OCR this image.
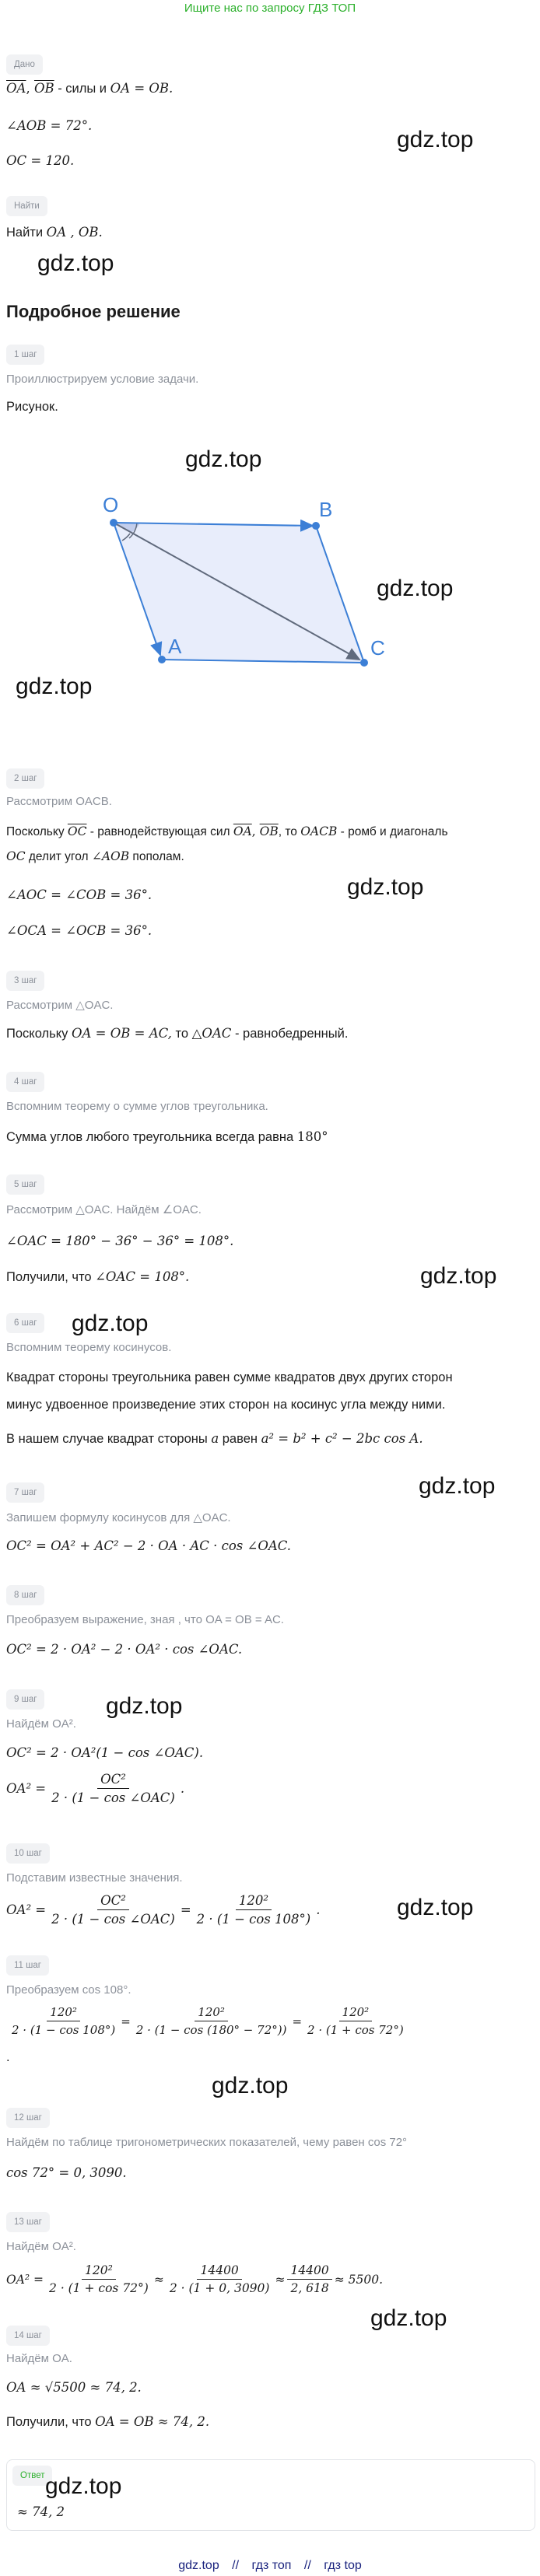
Ищите нас по запросу ГДЗ ТОП
Дано
$\overline{OA}$, $\overline{OB}$ - силы и OA = OB.
∠AOB = 72°.
OC = 120.
gdz.top
Найти
Найти OA , OB.
gdz.top
Подробное решение
1 шаг
Проиллюстрируем условие задачи.
Рисунок.
gdz.top
O	B
A	C
gdz.top
gdz.top
2 шаг
Рассмотрим OACB.
Поскольку $\overline{OC}$ - равнодействующая сил $\overline{OA}$, $\overline{OB}$, то OACB - ромб и диагональ
OC делит угол ∠AOB пополам.
gdz.top
∠AOC = ∠COB = 36°.
∠OCA = ∠OCB = 36°.
3 шаг
Рассмотрим △OAC.
Поскольку OA = OB = AC, то △OAC - равнобедренный.
4 шаг
Вспомним теорему о сумме углов треугольника.
Сумма углов любого треугольника всегда равна 180°
5 шаг
Рассмотрим △OAC. Найдём ∠OAC.
∠OAC = 180° − 36° − 36° = 108°.
Получили, что ∠OAC = 108°.	gdz.top
6 шаг	gdz.top
Вспомним теорему косинусов.
Квадрат стороны треугольника равен сумме квадратов двух других сторон
минус удвоенное произведение этих сторон на косинус угла между ними.
В нашем случае квадрат стороны a равен a² = b² + c² − 2bc cos A.
gdz.top
7 шаг
Запишем формулу косинусов для △OAC.
OC² = OA² + AC² − 2 · OA · AC · cos ∠OAC.
8 шаг
Преобразуем выражение, зная , что OA = OB = AC.
OC² = 2 · OA² − 2 · OA² · cos ∠OAC.
9 шаг	gdz.top
Найдём OA².
OC² = 2 · OA²(1 − cos ∠OAC).
$OA^2 = \frac{\text{OC²}}{\text{2 · (1 − cos ∠OAC)}}$ .
10 шаг
Подставим известные значения.
$OA^2 = \frac{\text{OC²}}{\text{2 · (1 − cos ∠OAC)}} = \frac{\text{120²}}{2 \cdot (1 - \cos 108^\circ)}$ .	gdz.top
11 шаг
Преобразуем cos 108°.
$\frac{\text{120²}}{2 \cdot (1 - \cos 108^\circ)} = \frac{\text{120²}}{2 \cdot (1 - \cos (180^\circ - 72^\circ))} = \frac{\text{120²}}{2 \cdot (1 + \cos 72^\circ)}$
.
gdz.top
12 шаг
Найдём по таблице тригонометрических показателей, чему равен cos 72°
cos 72° = 0, 3090.
13 шаг
Найдём OA².
$OA^2 = \frac{\text{120²}}{2 \cdot (1 + \cos 72^\circ)} \approx \frac{14400}{2 \cdot (1 + 0, 3090)} \approx \frac{14400}{2, 618} \approx 5500$.
gdz.top
14 шаг
Найдём OA.
OA ≈ √5500 ≈ 74, 2.
Получили, что OA = OB ≈ 74, 2.
Ответ gdz.top
≈ 74, 2
gdz.top // гдз топ // гдз top
